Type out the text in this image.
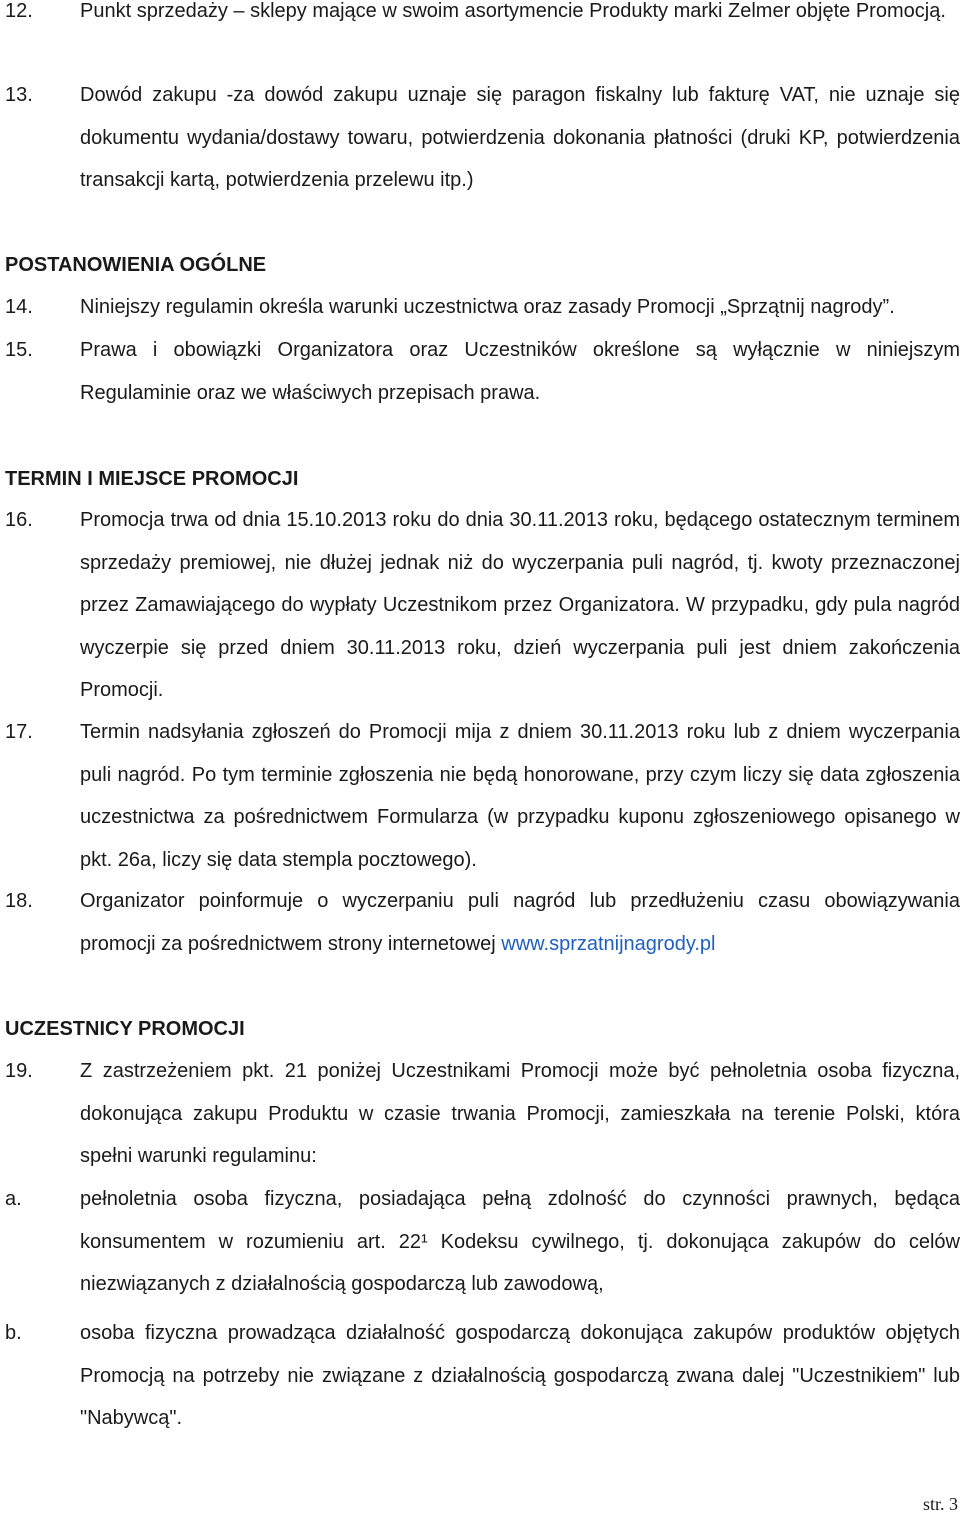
12. Punkt sprzedaży – sklepy mające w swoim asortymencie Produkty marki Zelmer objęte Promocją.
13. Dowód zakupu -za dowód zakupu uznaje się paragon fiskalny lub fakturę VAT, nie uznaje się dokumentu wydania/dostawy towaru, potwierdzenia dokonania płatności (druki KP, potwierdzenia transakcji kartą, potwierdzenia przelewu itp.)
POSTANOWIENIA OGÓLNE
14. Niniejszy regulamin określa warunki uczestnictwa oraz zasady Promocji „Sprzątnij nagrody”.
15. Prawa i obowiązki Organizatora oraz Uczestników określone są wyłącznie w niniejszym Regulaminie oraz we właściwych przepisach prawa.
TERMIN I MIEJSCE PROMOCJI
16. Promocja trwa od dnia 15.10.2013 roku do dnia 30.11.2013 roku, będącego ostatecznym terminem sprzedaży premiowej, nie dłużej jednak niż do wyczerpania puli nagród, tj. kwoty przeznaczonej przez Zamawiającego do wypłaty Uczestnikom przez Organizatora. W przypadku, gdy pula nagród wyczerpie się przed dniem 30.11.2013 roku, dzień wyczerpania puli jest dniem zakończenia Promocji.
17. Termin nadsyłania zgłoszeń do Promocji mija z dniem 30.11.2013 roku lub z dniem wyczerpania puli nagród. Po tym terminie zgłoszenia nie będą honorowane, przy czym liczy się data zgłoszenia uczestnictwa za pośrednictwem Formularza (w przypadku kuponu zgłoszeniowego opisanego w pkt. 26a, liczy się data stempla pocztowego).
18. Organizator poinformuje o wyczerpaniu puli nagród lub przedłużeniu czasu obowiązywania promocji za pośrednictwem strony internetowej www.sprzatnijnagrody.pl
UCZESTNICY PROMOCJI
19. Z zastrzeżeniem pkt. 21 poniżej Uczestnikami Promocji może być pełnoletnia osoba fizyczna, dokonująca zakupu Produktu w czasie trwania Promocji, zamieszkała na terenie Polski, która spełni warunki regulaminu:
a.	pełnoletnia osoba fizyczna, posiadająca pełną zdolność do czynności prawnych, będąca konsumentem w rozumieniu art. 22¹ Kodeksu cywilnego, tj. dokonująca zakupów do celów niezwiązanych z działalnością gospodarczą lub zawodową,
b.	osoba fizyczna prowadząca działalność gospodarczą dokonująca zakupów produktów objętych Promocją na potrzeby nie związane z działalnością gospodarczą zwana dalej "Uczestnikiem" lub "Nabywcą".
str. 3
